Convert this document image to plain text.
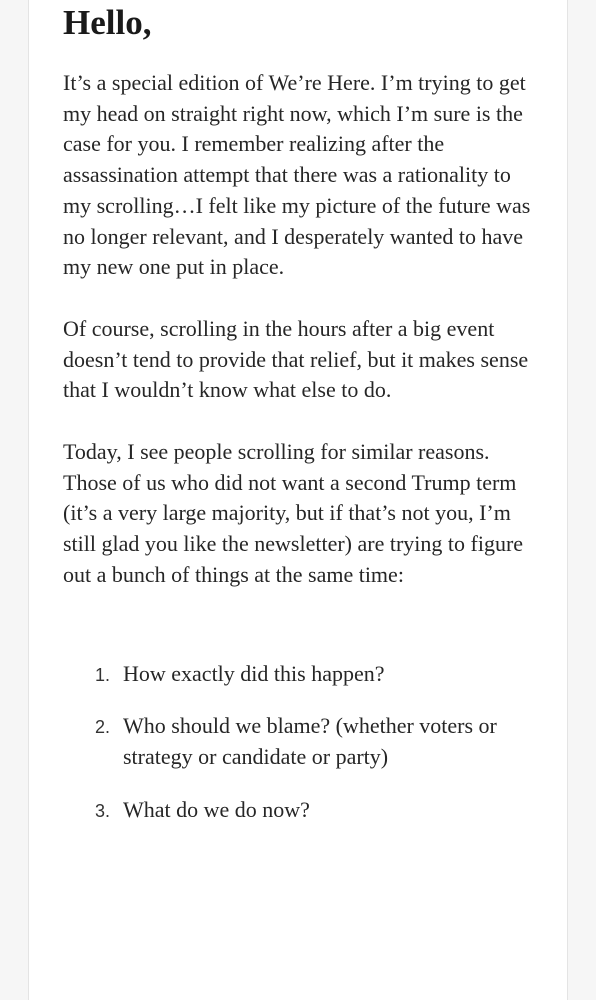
Hello,

It’s a special edition of We’re Here. I’m trying to get my head on straight right now, which I’m sure is the case for you. I remember realizing after the assassination attempt that there was a rationality to my scrolling…I felt like my picture of the future was no longer relevant, and I desperately wanted to have my new one put in place.

Of course, scrolling in the hours after a big event doesn’t tend to provide that relief, but it makes sense that I wouldn’t know what else to do.

Today, I see people scrolling for similar reasons. Those of us who did not want a second Trump term (it’s a very large majority, but if that’s not you, I’m still glad you like the newsletter) are trying to figure out a bunch of things at the same time:

1. How exactly did this happen?
2. Who should we blame? (whether voters or strategy or candidate or party)
3. What do we do now?
